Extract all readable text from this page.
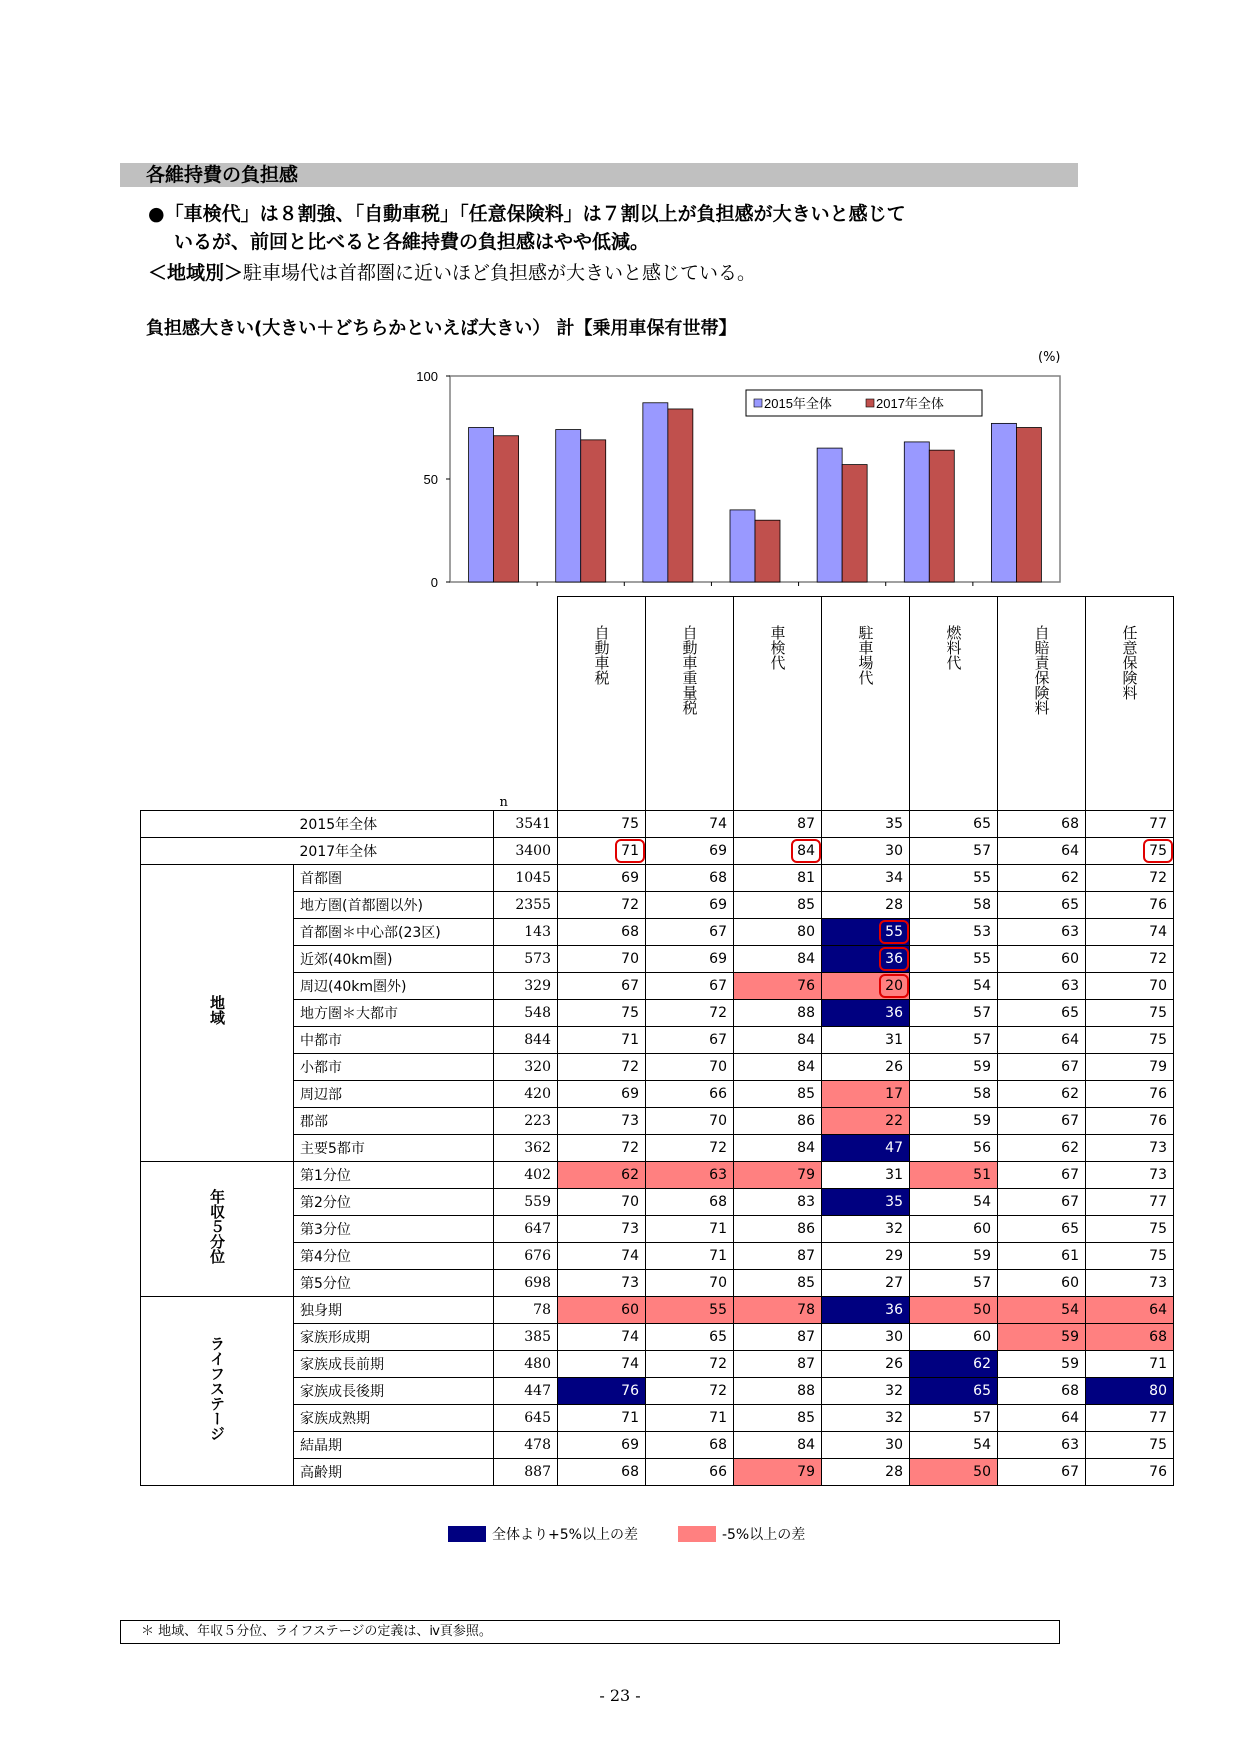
各維持費の負担感
●「車検代」は８割強、「自動車税」「任意保険料」は７割以上が負担感が大きいと感じて
いるが、前回と比べると各維持費の負担感はやや低減。
＜地域別＞駐車場代は首都圏に近いほど負担感が大きいと感じている。
負担感大きい(大きい＋どちらかといえば大きい） 計【乗用車保有世帯】
(%)
0
50
100
2015年全体	2017年全体
		n	自動車税	自動車重量税	車検代	駐車場代	燃料代	自賠責保険料	任意保険料
	2015年全体	3541	75	74	87	35	65	68	77
	2017年全体	3400	71	69	84	30	57	64	75
地域	首都圏	1045	69	68	81	34	55	62	72
	地方圏(首都圏以外)	2355	72	69	85	28	58	65	76
	首都圏＊中心部(23区)	143	68	67	80	55	53	63	74
	近郊(40km圏)	573	70	69	84	36	55	60	72
	周辺(40km圏外)	329	67	67	76	20	54	63	70
	地方圏＊大都市	548	75	72	88	36	57	65	75
	中都市	844	71	67	84	31	57	64	75
	小都市	320	72	70	84	26	59	67	79
	周辺部	420	69	66	85	17	58	62	76
	郡部	223	73	70	86	22	59	67	76
	主要5都市	362	72	72	84	47	56	62	73
年収５分位	第1分位	402	62	63	79	31	51	67	73
	第2分位	559	70	68	83	35	54	67	77
	第3分位	647	73	71	86	32	60	65	75
	第4分位	676	74	71	87	29	59	61	75
	第5分位	698	73	70	85	27	57	60	73
ライフステージ	独身期	78	60	55	78	36	50	54	64
	家族形成期	385	74	65	87	30	60	59	68
	家族成長前期	480	74	72	87	26	62	59	71
	家族成長後期	447	76	72	88	32	65	68	80
	家族成熟期	645	71	71	85	32	57	64	77
	結晶期	478	69	68	84	30	54	63	75
	高齢期	887	68	66	79	28	50	67	76
全体より+5%以上の差	-5%以上の差
＊ 地域、年収５分位、ライフステージの定義は、ⅳ頁参照。
- 23 -
